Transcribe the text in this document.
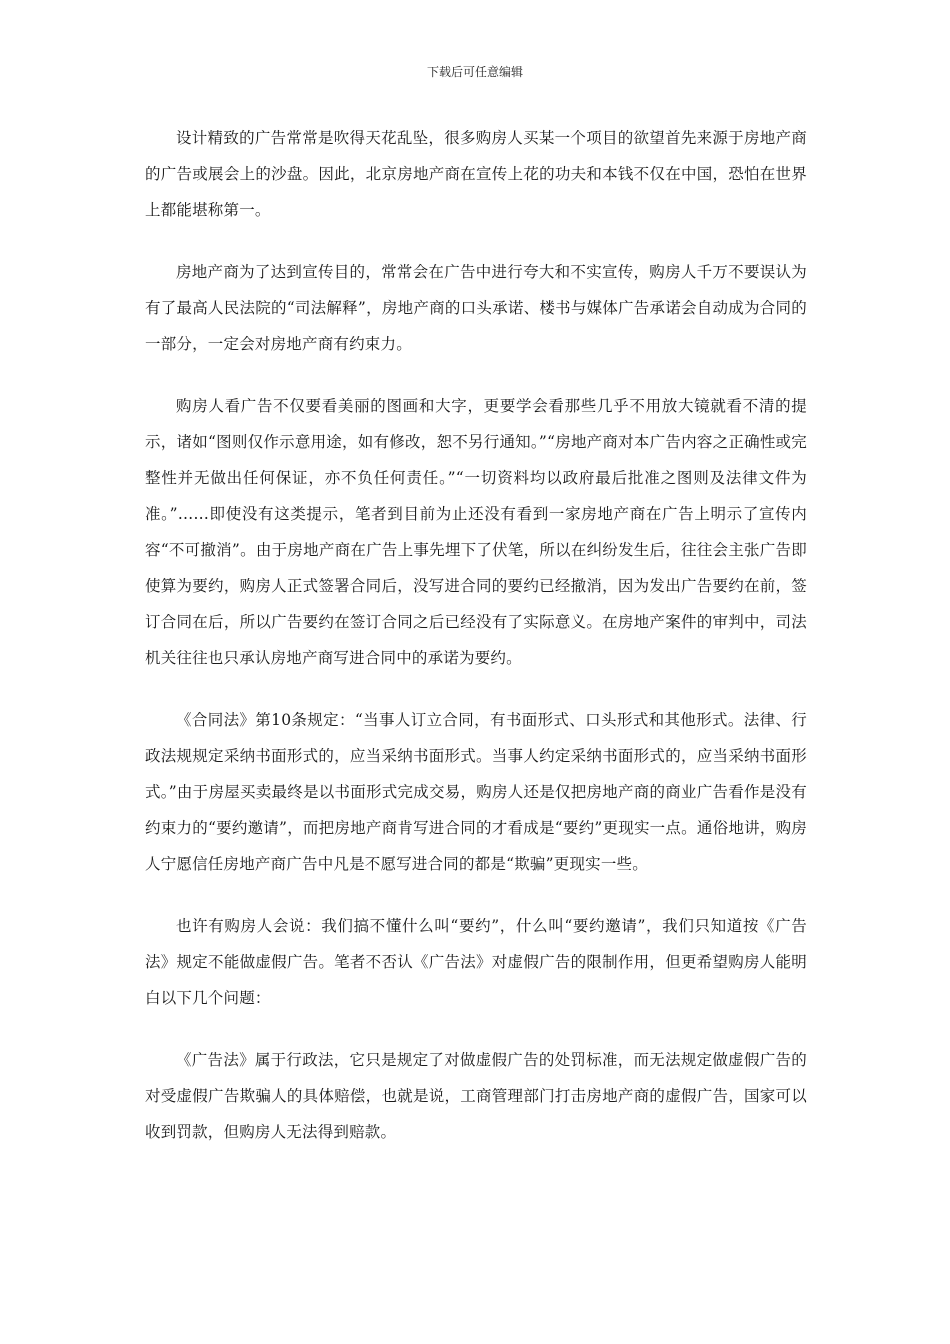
下载后可任意编辑

设计精致的广告常常是吹得天花乱坠，很多购房人买某一个项目的欲望首先来源于房地产商的广告或展会上的沙盘。因此，北京房地产商在宣传上花的功夫和本钱不仅在中国，恐怕在世界上都能堪称第一。

房地产商为了达到宣传目的，常常会在广告中进行夸大和不实宣传，购房人千万不要误认为有了最高人民法院的“司法解释”，房地产商的口头承诺、楼书与媒体广告承诺会自动成为合同的一部分，一定会对房地产商有约束力。

购房人看广告不仅要看美丽的图画和大字，更要学会看那些几乎不用放大镜就看不清的提示，诸如“图则仅作示意用途，如有修改，恕不另行通知。”“房地产商对本广告内容之正确性或完整性并无做出任何保证，亦不负任何责任。”“一切资料均以政府最后批准之图则及法律文件为准。”……即使没有这类提示，笔者到目前为止还没有看到一家房地产商在广告上明示了宣传内容“不可撤消”。由于房地产商在广告上事先埋下了伏笔，所以在纠纷发生后，往往会主张广告即使算为要约，购房人正式签署合同后，没写进合同的要约已经撤消，因为发出广告要约在前，签订合同在后，所以广告要约在签订合同之后已经没有了实际意义。在房地产案件的审判中，司法机关往往也只承认房地产商写进合同中的承诺为要约。

《合同法》第10条规定：“当事人订立合同，有书面形式、口头形式和其他形式。法律、行政法规规定采纳书面形式的，应当采纳书面形式。当事人约定采纳书面形式的，应当采纳书面形式。”由于房屋买卖最终是以书面形式完成交易，购房人还是仅把房地产商的商业广告看作是没有约束力的“要约邀请”，而把房地产商肯写进合同的才看成是“要约”更现实一点。通俗地讲，购房人宁愿信任房地产商广告中凡是不愿写进合同的都是“欺骗”更现实一些。

也许有购房人会说：我们搞不懂什么叫“要约”，什么叫“要约邀请”，我们只知道按《广告法》规定不能做虚假广告。笔者不否认《广告法》对虚假广告的限制作用，但更希望购房人能明白以下几个问题：

《广告法》属于行政法，它只是规定了对做虚假广告的处罚标准，而无法规定做虚假广告的对受虚假广告欺骗人的具体赔偿，也就是说，工商管理部门打击房地产商的虚假广告，国家可以收到罚款，但购房人无法得到赔款。
